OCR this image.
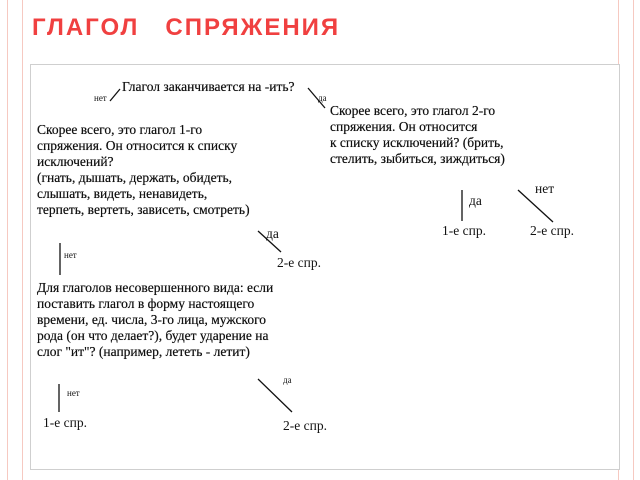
ГЛАГОЛ   СПРЯЖЕНИЯ
Глагол заканчивается на -ить?
нет	да
Скорее всего, это глагол 1-го
спряжения. Он относится к списку
исключений?
(гнать, дышать, держать, обидеть,
слышать, видеть, ненавидеть,
терпеть, вертеть, зависеть, смотреть)
Скорее всего, это глагол 2-го
спряжения. Он относится
к списку исключений? (брить,
стелить, зыбиться, зиждиться)
нет
да
1-е спр.	2-е спр.
да
2-е спр.
нет
Для глаголов несовершенного вида: если
поставить глагол в форму настоящего
времени, ед. числа, 3-го лица, мужского
рода (он что делает?), будет ударение на
слог "ит"? (например, лететь - летит)
да
нет
1-е спр.	2-е спр.
